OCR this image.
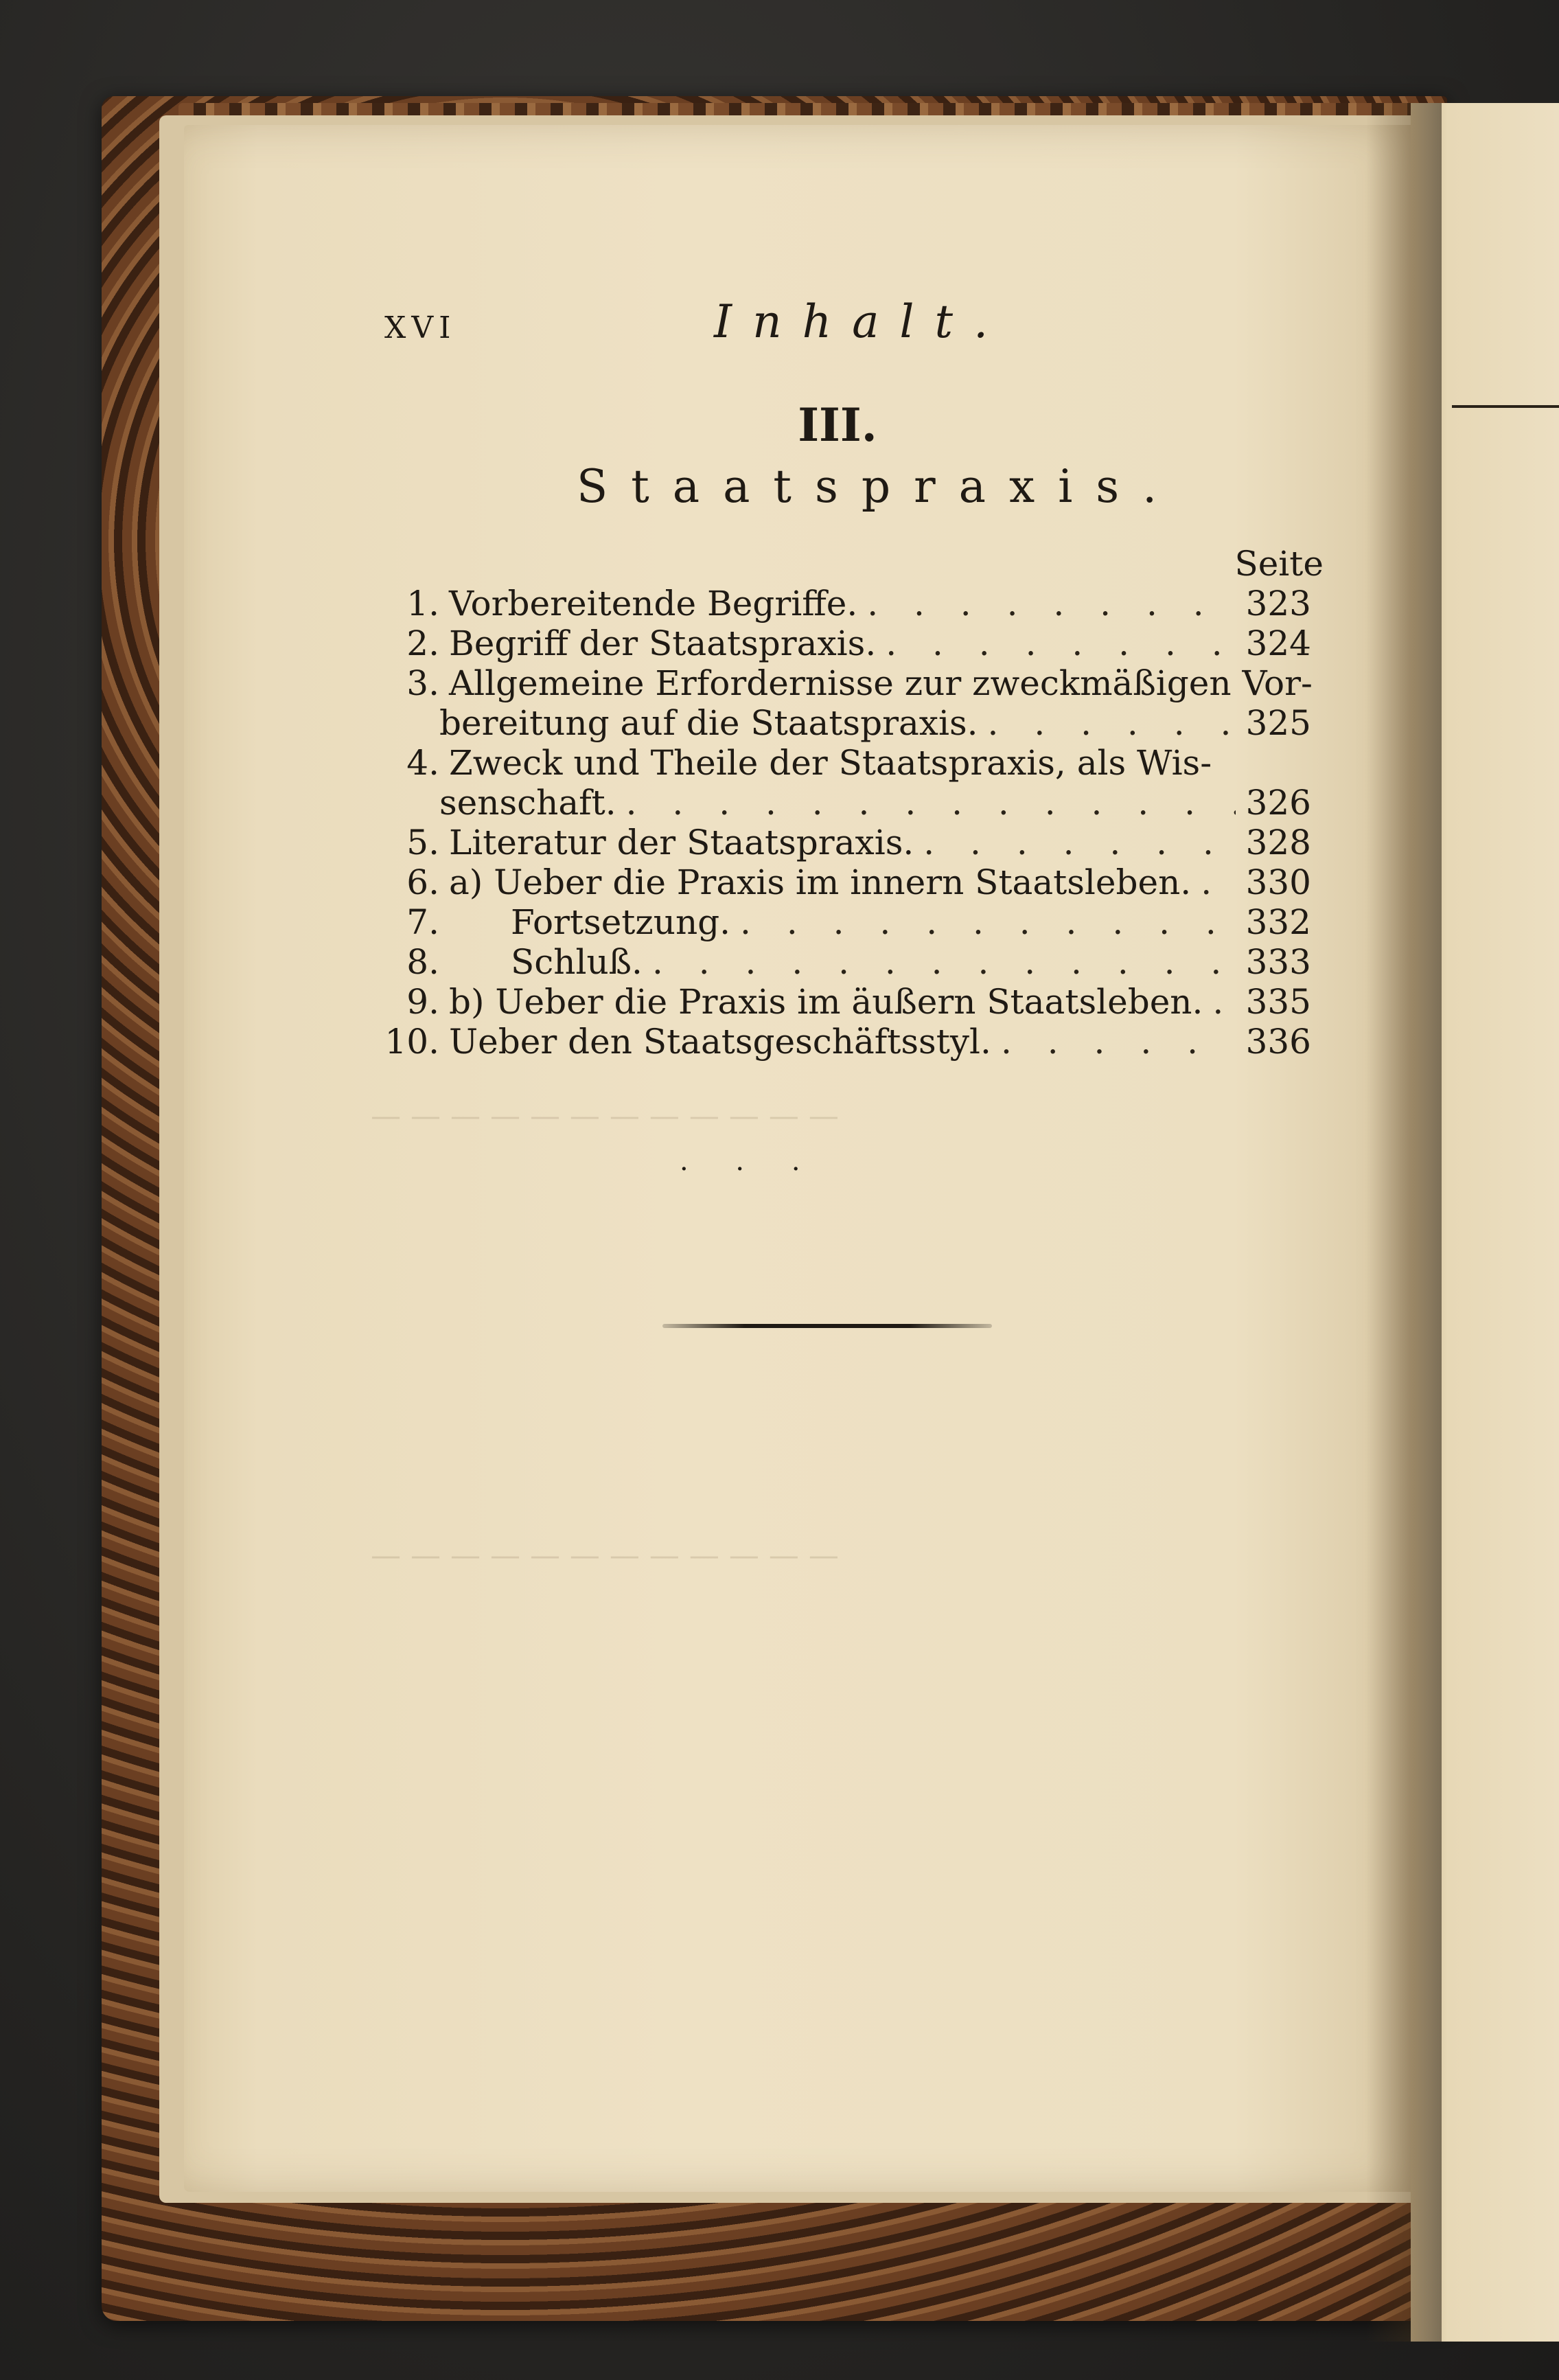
— — — — — — — — — — — —
— — — — — — — — — — — —
XVI	Inhalt.
III.
Staatspraxis.
Seite
1. Vorbereitende Begriffe. . . .	323
2. Begriff der Staatspraxis. . . .	324
3. Allgemeine Erfordernisse zur zweckmäßigen Vor-
bereitung auf die Staatspraxis. . . .	325
4. Zweck und Theile der Staatspraxis, als Wis-
senschaft. . . .	326
5. Literatur der Staatspraxis. . . .	328
6. a) Ueber die Praxis im innern Staatsleben. . . . 330
7.	Fortsetzung. . . .	332
8.	Schluß. . . .	333
9. b) Ueber die Praxis im äußern Staatsleben. . . . 335
10. Ueber den Staatsgeschäftsstyl. . . .	336
· · ·
